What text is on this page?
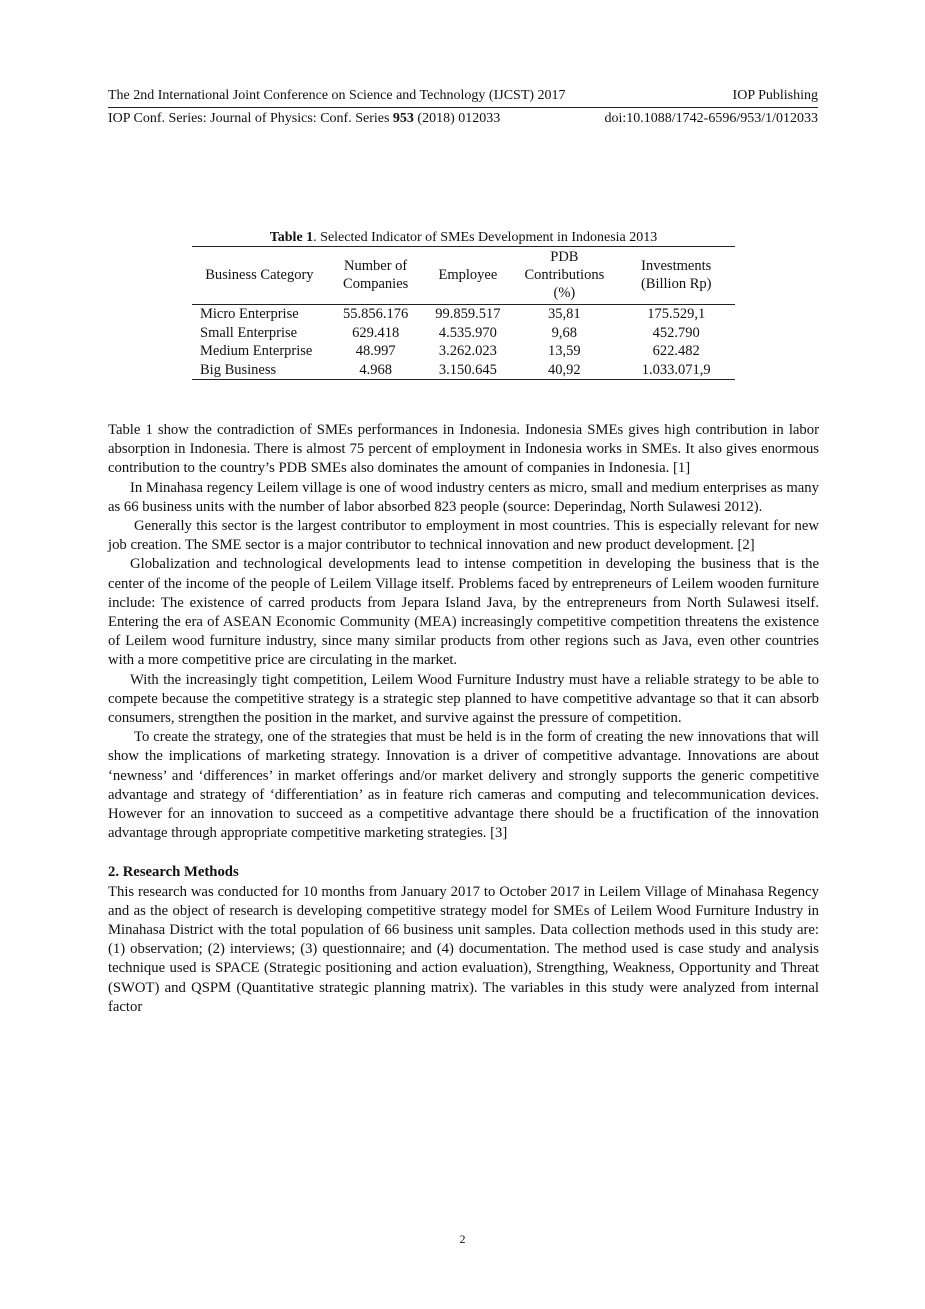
The 2nd International Joint Conference on Science and Technology (IJCST) 2017	IOP Publishing
IOP Conf. Series: Journal of Physics: Conf. Series 953 (2018) 012033	doi:10.1088/1742-6596/953/1/012033
Table 1. Selected Indicator of SMEs Development in Indonesia 2013
Business Category	Number of Companies	Employee	PDB Contributions (%)	Investments (Billion Rp)
Micro Enterprise	55.856.176	99.859.517	35,81	175.529,1
Small Enterprise	629.418	4.535.970	9,68	452.790
Medium Enterprise	48.997	3.262.023	13,59	622.482
Big Business	4.968	3.150.645	40,92	1.033.071,9

Table 1 show the contradiction of SMEs performances in Indonesia. Indonesia SMEs gives high contribution in labor absorption in Indonesia. There is almost 75 percent of employment in Indonesia works in SMEs. It also gives enormous contribution to the country’s PDB SMEs also dominates the amount of companies in Indonesia. [1]

In Minahasa regency Leilem village is one of wood industry centers as micro, small and medium enterprises as many as 66 business units with the number of labor absorbed 823 people (source: Deperindag, North Sulawesi 2012).

Generally this sector is the largest contributor to employment in most countries. This is especially relevant for new job creation. The SME sector is a major contributor to technical innovation and new product development. [2]

Globalization and technological developments lead to intense competition in developing the business that is the center of the income of the people of Leilem Village itself. Problems faced by entrepreneurs of Leilem wooden furniture include: The existence of carred products from Jepara Island Java, by the entrepreneurs from North Sulawesi itself. Entering the era of ASEAN Economic Community (MEA) increasingly competitive competition threatens the existence of Leilem wood furniture industry, since many similar products from other regions such as Java, even other countries with a more competitive price are circulating in the market.

With the increasingly tight competition, Leilem Wood Furniture Industry must have a reliable strategy to be able to compete because the competitive strategy is a strategic step planned to have competitive advantage so that it can absorb consumers, strengthen the position in the market, and survive against the pressure of competition.

To create the strategy, one of the strategies that must be held is in the form of creating the new innovations that will show the implications of marketing strategy. Innovation is a driver of competitive advantage. Innovations are about ‘newness’ and ‘differences’ in market offerings and/or market delivery and strongly supports the generic competitive advantage and strategy of ‘differentiation’ as in feature rich cameras and computing and telecommunication devices. However for an innovation to succeed as a competitive advantage there should be a fructification of the innovation advantage through appropriate competitive marketing strategies. [3]

2. Research Methods

This research was conducted for 10 months from January 2017 to October 2017 in Leilem Village of Minahasa Regency and as the object of research is developing competitive strategy model for SMEs of Leilem Wood Furniture Industry in Minahasa District with the total population of 66 business unit samples. Data collection methods used in this study are: (1) observation; (2) interviews; (3) questionnaire; and (4) documentation. The method used is case study and analysis technique used is SPACE (Strategic positioning and action evaluation), Strengthing, Weakness, Opportunity and Threat (SWOT) and QSPM (Quantitative strategic planning matrix). The variables in this study were analyzed from internal factor

2
